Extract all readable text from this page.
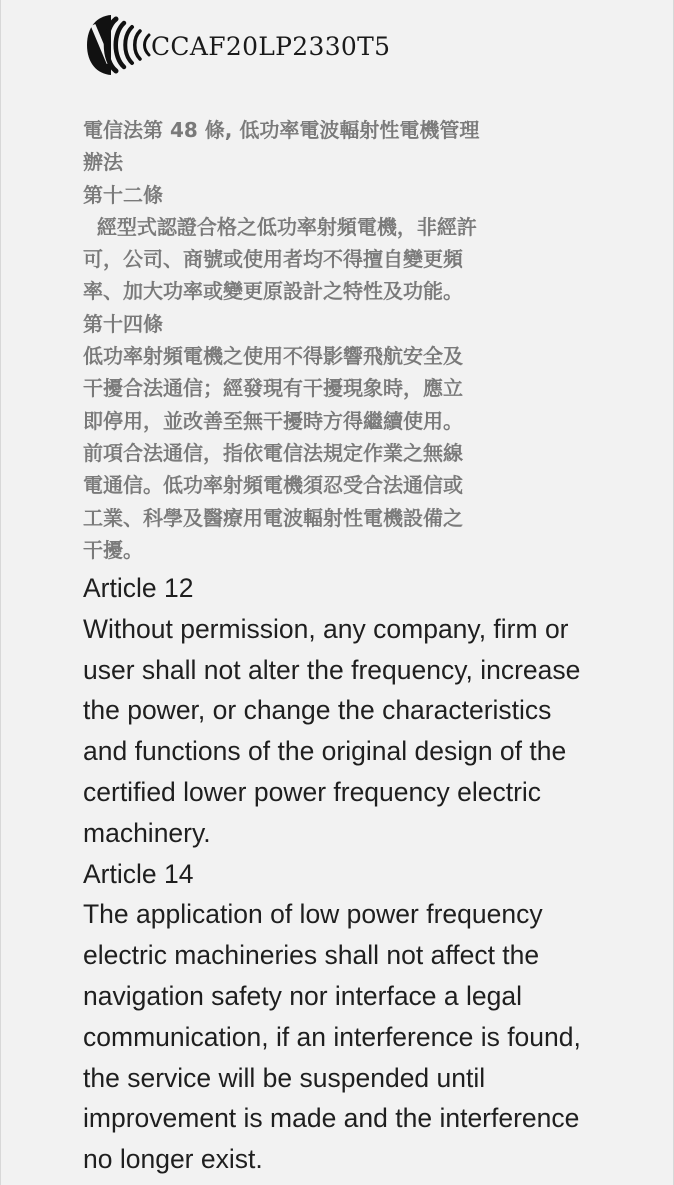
CCAF20LP2330T5
電信法第 48 條, 低功率電波輻射性電機管理
辦法
第十二條
經型式認證合格之低功率射頻電機，非經許
可，公司、商號或使用者均不得擅自變更頻
率、加大功率或變更原設計之特性及功能。
第十四條
低功率射頻電機之使用不得影響飛航安全及
干擾合法通信；經發現有干擾現象時，應立
即停用，並改善至無干擾時方得繼續使用。
前項合法通信，指依電信法規定作業之無線
電通信。低功率射頻電機須忍受合法通信或
工業、科學及醫療用電波輻射性電機設備之
干擾。
Article 12
Without permission, any company, firm or
user shall not alter the frequency, increase
the power, or change the characteristics
and functions of the original design of the
certified lower power frequency electric
machinery.
Article 14
The application of low power frequency
electric machineries shall not affect the
navigation safety nor interface a legal
communication, if an interference is found,
the service will be suspended until
improvement is made and the interference
no longer exist.
